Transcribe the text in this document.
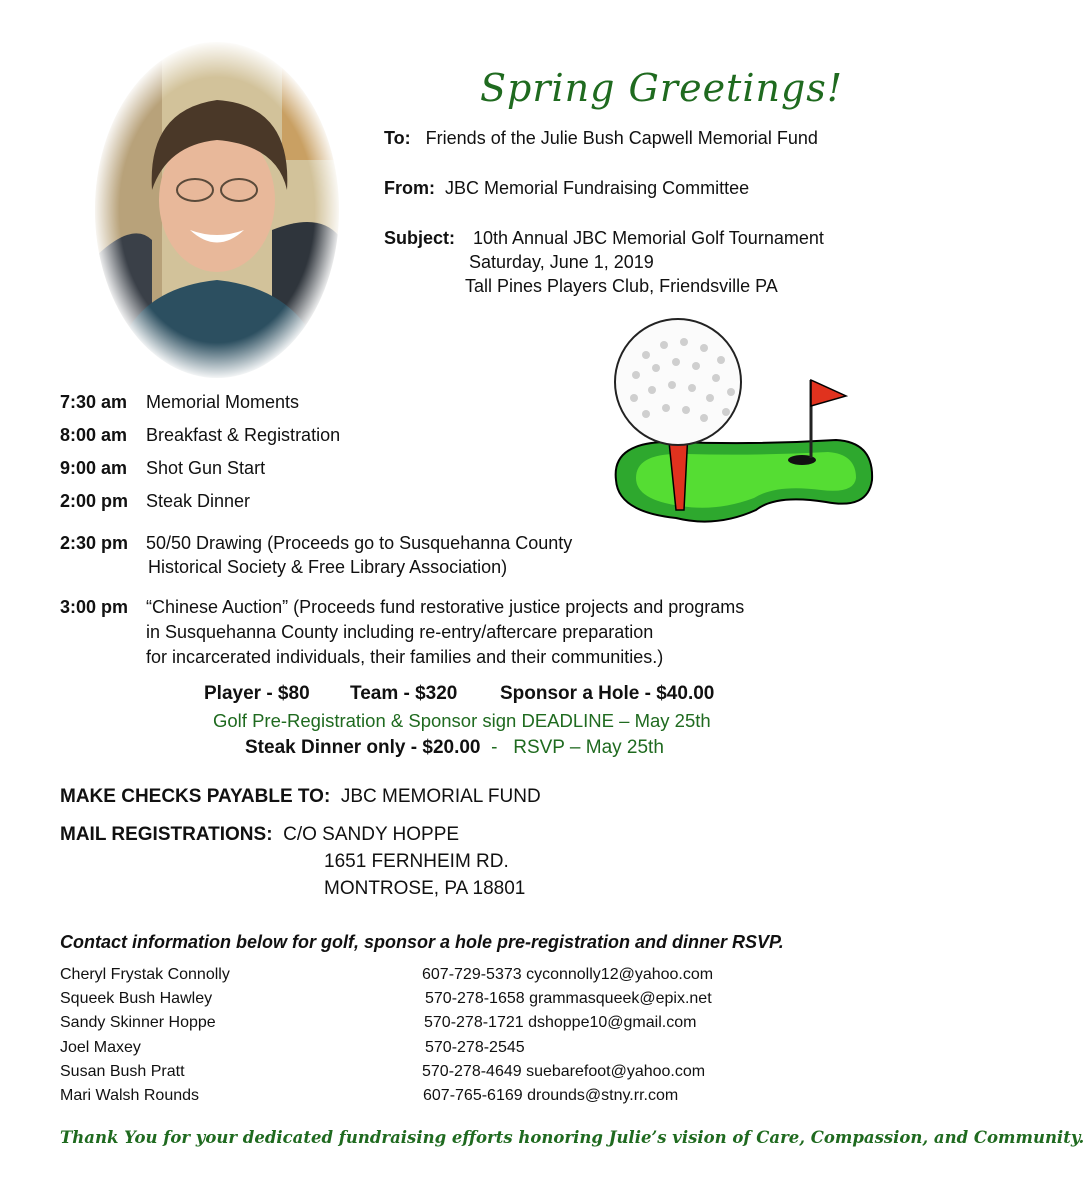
Spring Greetings!
To: Friends of the Julie Bush Capwell Memorial Fund
From: JBC Memorial Fundraising Committee
Subject: 10th Annual JBC Memorial Golf Tournament
Saturday, June 1, 2019
Tall Pines Players Club, Friendsville PA
7:30 am Memorial Moments
8:00 am Breakfast & Registration
9:00 am Shot Gun Start
2:00 pm Steak Dinner
2:30 pm 50/50 Drawing (Proceeds go to Susquehanna County
Historical Society & Free Library Association)
3:00 pm “Chinese Auction” (Proceeds fund restorative justice projects and programs
in Susquehanna County including re-entry/aftercare preparation
for incarcerated individuals, their families and their communities.)
Player - $80 Team - $320 Sponsor a Hole - $40.00
Golf Pre-Registration & Sponsor sign DEADLINE – May 25th
Steak Dinner only - $20.00 - RSVP – May 25th
MAKE CHECKS PAYABLE TO: JBC MEMORIAL FUND
MAIL REGISTRATIONS: C/O SANDY HOPPE
1651 FERNHEIM RD.
MONTROSE, PA 18801
Contact information below for golf, sponsor a hole pre-registration and dinner RSVP.
Cheryl Frystak Connolly	607-729-5373 cyconnolly12@yahoo.com
Squeek Bush Hawley	570-278-1658 grammasqueek@epix.net
Sandy Skinner Hoppe	570-278-1721 dshoppe10@gmail.com
Joel Maxey	570-278-2545
Susan Bush Pratt	570-278-4649 suebarefoot@yahoo.com
Mari Walsh Rounds	607-765-6169 drounds@stny.rr.com
Thank You for your dedicated fundraising efforts honoring Julie’s vision of Care, Compassion, and Community.
